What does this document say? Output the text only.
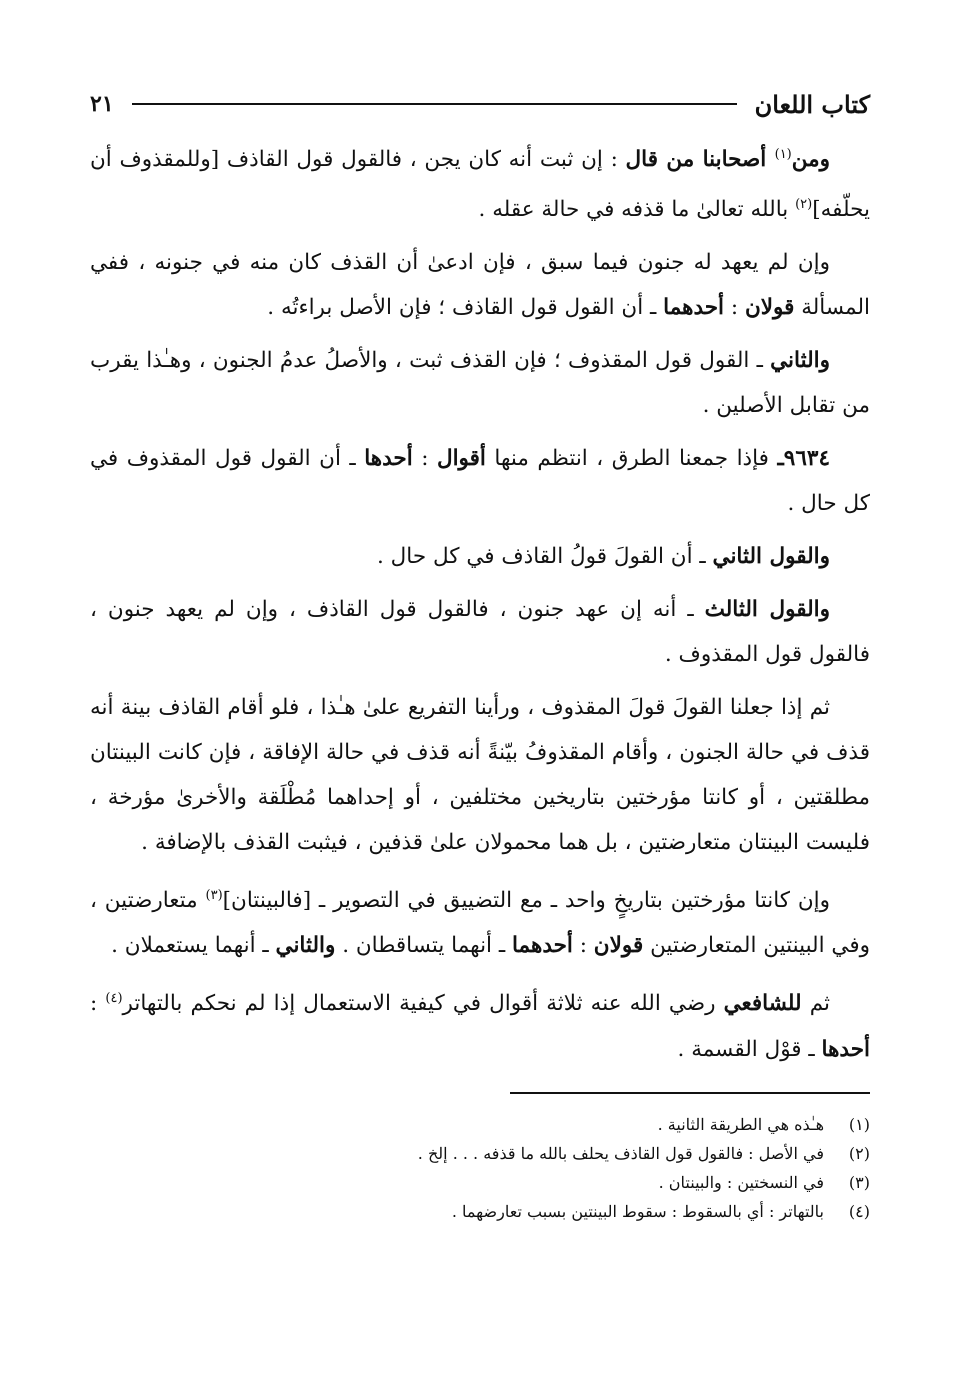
كتاب اللعان
٢١

ومن$^{(١)}$ أصحابنا من قال : إن ثبت أنه كان يجن ، فالقول قول القاذف [وللمقذوف أن يحلّفه]$^{(٢)}$ بالله تعالىٰ ما قذفه في حالة عقله .

وإن لم يعهد له جنون فيما سبق ، فإن ادعىٰ أن القذف كان منه في جنونه ، ففي المسألة قولان : أحدهما ـ أن القول قول القاذف ؛ فإن الأصل براءتُه .

والثاني ـ القول قول المقذوف ؛ فإن القذف ثبت ، والأصلُ عدمُ الجنون ، وهـٰذا يقرب من تقابل الأصلين .

٩٦٣٤ـ فإذا جمعنا الطرق ، انتظم منها أقوال : أحدها ـ أن القول قول المقذوف في كل حال .

والقول الثاني ـ أن القولَ قولُ القاذف في كل حال .

والقول الثالث ـ أنه إن عهد جنون ، فالقول قول القاذف ، وإن لم يعهد جنون ، فالقول قول المقذوف .

ثم إذا جعلنا القولَ قولَ المقذوف ، ورأينا التفريع علىٰ هـٰذا ، فلو أقام القاذف بينة أنه قذف في حالة الجنون ، وأقام المقذوفُ بيّنةً أنه قذف في حالة الإفاقة ، فإن كانت البينتان مطلقتين ، أو كانتا مؤرختين بتاريخين مختلفين ، أو إحداهما مُطْلَقة والأخرىٰ مؤرخة ، فليست البينتان متعارضتين ، بل هما محمولان علىٰ قذفين ، فيثبت القذف بالإضافة .

وإن كانتا مؤرختين بتاريخٍ واحد ـ مع التضييق في التصوير ـ [فالبينتان]$^{(٣)}$ متعارضتين ، وفي البينتين المتعارضتين قولان : أحدهما ـ أنهما يتساقطان . والثاني ـ أنهما يستعملان .

ثم للشافعي رضي الله عنه ثلاثة أقوال في كيفية الاستعمال إذا لم نحكم بالتهاتر$^{(٤)}$ : أحدها ـ قوْل القسمة .

(١)
هـٰذه هي الطريقة الثانية .
(٢)
في الأصل : فالقول قول القاذف يحلف بالله ما قذفه . . . إلخ .
(٣)
في النسختين : والبينتان .
(٤)
بالتهاتر : أي بالسقوط : سقوط البينتين بسبب تعارضهما .
